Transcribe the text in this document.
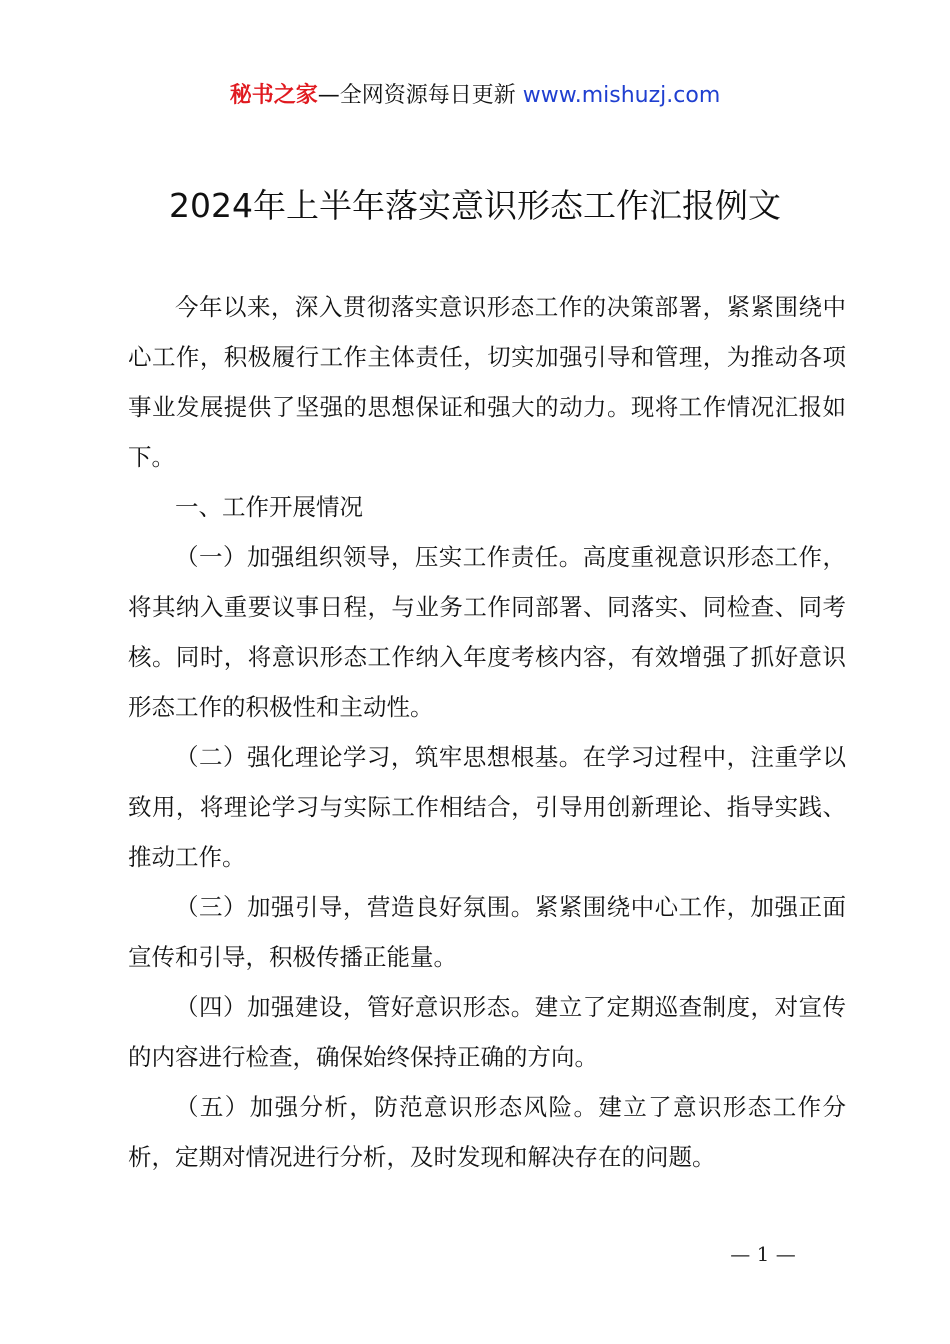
秘书之家—全网资源每日更新 www.mishuzj.com
2024年上半年落实意识形态工作汇报例文

今年以来，深入贯彻落实意识形态工作的决策部署，紧紧围绕中心工作，积极履行工作主体责任，切实加强引导和管理，为推动各项事业发展提供了坚强的思想保证和强大的动力。现将工作情况汇报如下。

一、工作开展情况

（一）加强组织领导，压实工作责任。高度重视意识形态工作，将其纳入重要议事日程，与业务工作同部署、同落实、同检查、同考核。同时，将意识形态工作纳入年度考核内容，有效增强了抓好意识形态工作的积极性和主动性。

（二）强化理论学习，筑牢思想根基。在学习过程中，注重学以致用，将理论学习与实际工作相结合，引导用创新理论、指导实践、推动工作。

（三）加强引导，营造良好氛围。紧紧围绕中心工作，加强正面宣传和引导，积极传播正能量。

（四）加强建设，管好意识形态。建立了定期巡查制度，对宣传的内容进行检查，确保始终保持正确的方向。

（五）加强分析，防范意识形态风险。建立了意识形态工作分析，定期对情况进行分析，及时发现和解决存在的问题。

— 1 —
